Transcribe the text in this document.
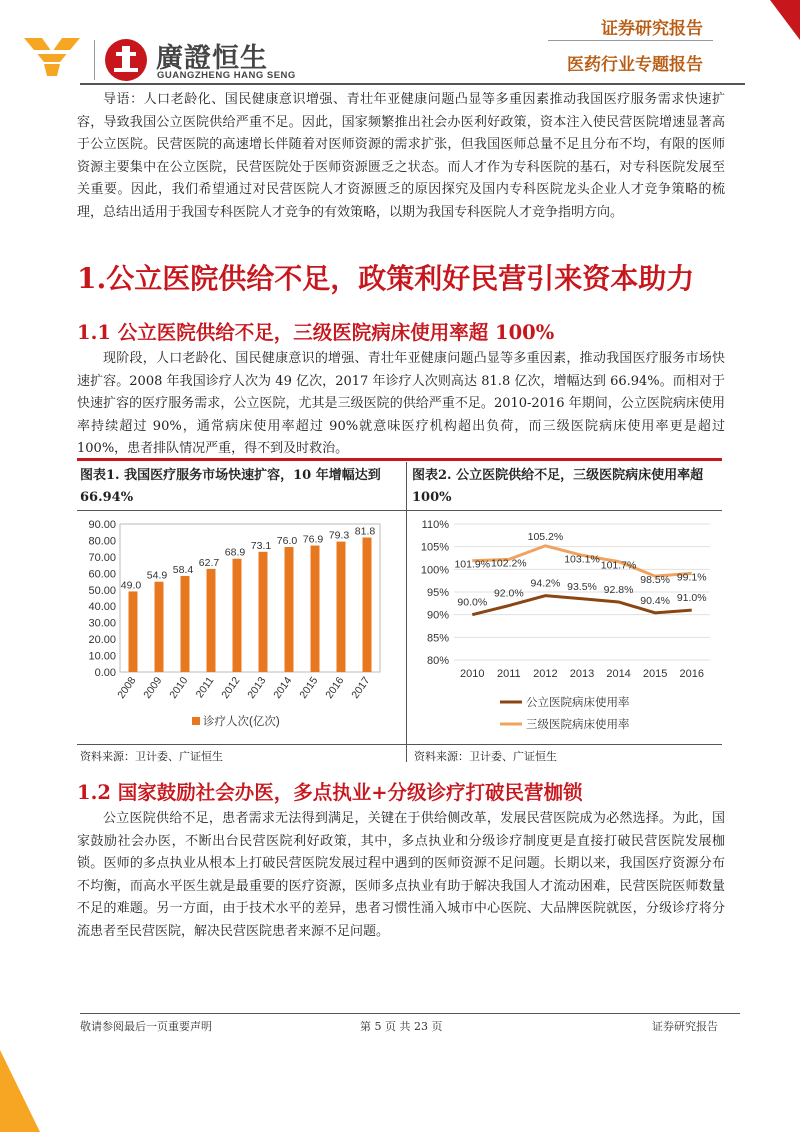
廣證恒生
GUANGZHENG HANG SENG
证券研究报告
医药行业专题报告
导语：人口老龄化、国民健康意识增强、青壮年亚健康问题凸显等多重因素推动我国医疗服务需求快速扩容，导致我国公立医院供给严重不足。因此，国家频繁推出社会办医利好政策，资本注入使民营医院增速显著高于公立医院。民营医院的高速增长伴随着对医师资源的需求扩张，但我国医师总量不足且分布不均，有限的医师资源主要集中在公立医院，民营医院处于医师资源匮乏之状态。而人才作为专科医院的基石，对专科医院发展至关重要。因此，我们希望通过对民营医院人才资源匮乏的原因探究及国内专科医院龙头企业人才竞争策略的梳理，总结出适用于我国专科医院人才竞争的有效策略，以期为我国专科医院人才竞争指明方向。
1.公立医院供给不足，政策利好民营引来资本助力
1.1 公立医院供给不足，三级医院病床使用率超 100%
现阶段，人口老龄化、国民健康意识的增强、青壮年亚健康问题凸显等多重因素，推动我国医疗服务市场快速扩容。2008 年我国诊疗人次为 49 亿次，2017 年诊疗人次则高达 81.8 亿次，增幅达到 66.94%。而相对于快速扩容的医疗服务需求，公立医院，尤其是三级医院的供给严重不足。2010-2016 年期间，公立医院病床使用率持续超过 90%，通常病床使用率超过 90%就意味医疗机构超出负荷，而三级医院病床使用率更是超过 100%，患者排队情况严重，得不到及时救治。
图表1. 我国医疗服务市场快速扩容，10 年增幅达到 66.94%
图表2. 公立医院供给不足，三级医院病床使用率超 100%
0.00
10.00
20.00
30.00
40.00
50.00
60.00
70.00
80.00
90.00
49.0
2008
54.9
2009
58.4
2010
62.7
2011
68.9
2012
73.1
2013
76.0
2014
76.9
2015
79.3
2016
81.8
2017
诊疗人次(亿次)
80%
85%
90%
95%
100%
105%
110%
2010 2011 2012 2013 2014 2015 2016
90.0%
92.0%
94.2% 93.5% 92.8%
90.4% 91.0%
公立医院病床使用率
101.9% 102.2%
105.2%
103.1%
101.7%
98.5% 99.1%
三级医院病床使用率
资料来源：卫计委、广证恒生	资料来源：卫计委、广证恒生
1.2 国家鼓励社会办医，多点执业+分级诊疗打破民营枷锁
公立医院供给不足，患者需求无法得到满足，关键在于供给侧改革，发展民营医院成为必然选择。为此，国家鼓励社会办医，不断出台民营医院利好政策，其中，多点执业和分级诊疗制度更是直接打破民营医院发展枷锁。医师的多点执业从根本上打破民营医院发展过程中遇到的医师资源不足问题。长期以来，我国医疗资源分布不均衡，而高水平医生就是最重要的医疗资源，医师多点执业有助于解决我国人才流动困难，民营医院医师数量不足的难题。另一方面，由于技术水平的差异，患者习惯性涌入城市中心医院、大品牌医院就医，分级诊疗将分流患者至民营医院，解决民营医院患者来源不足问题。
敬请参阅最后一页重要声明	第 5 页 共 23 页	证券研究报告
